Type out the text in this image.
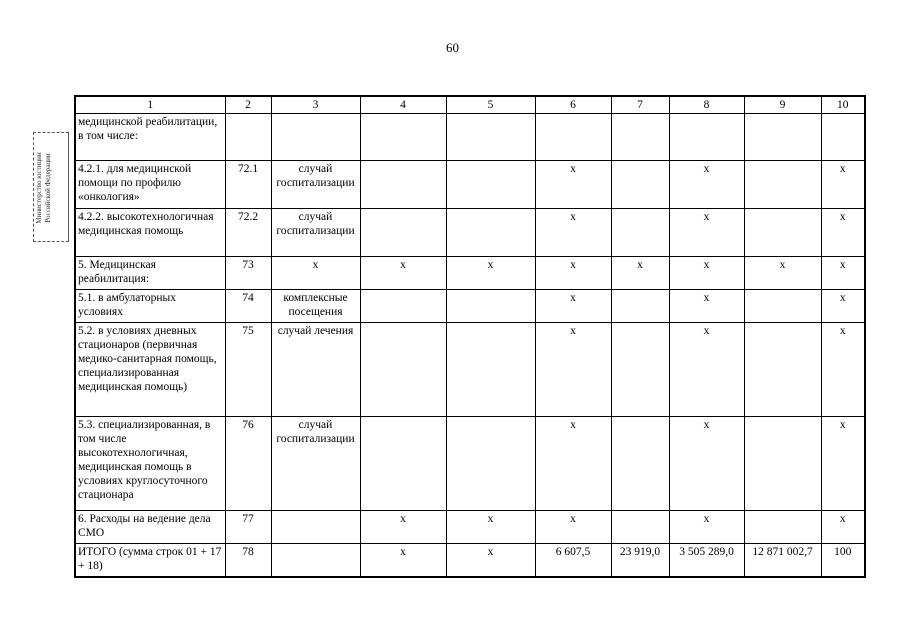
60
Министерство юстиции Российской Федерации
1	2	3	4	5	6	7	8	9	10
медицинской реабилитации, в том числе:									
4.2.1. для медицинской помощи по профилю «онкология»	72.1	случай госпитализации			x		x		x
4.2.2. высокотехнологичная медицинская помощь	72.2	случай госпитализации			x		x		x
5. Медицинская реабилитация:	73	x	x	x	x	x	x	x	x
5.1. в амбулаторных условиях	74	комплексные посещения			x		x		x
5.2. в условиях дневных стационаров (первичная медико-санитарная помощь, специализированная медицинская помощь)	75	случай лечения			x		x		x
5.3. специализированная, в том числе высокотехнологичная, медицинская помощь в условиях круглосуточного стационара	76	случай госпитализации			x		x		x
6. Расходы на ведение дела СМО	77		x	x	x		x		x
ИТОГО (сумма строк 01 + 17 + 18)	78		x	x	6 607,5	23 919,0	3 505 289,0	12 871 002,7	100
